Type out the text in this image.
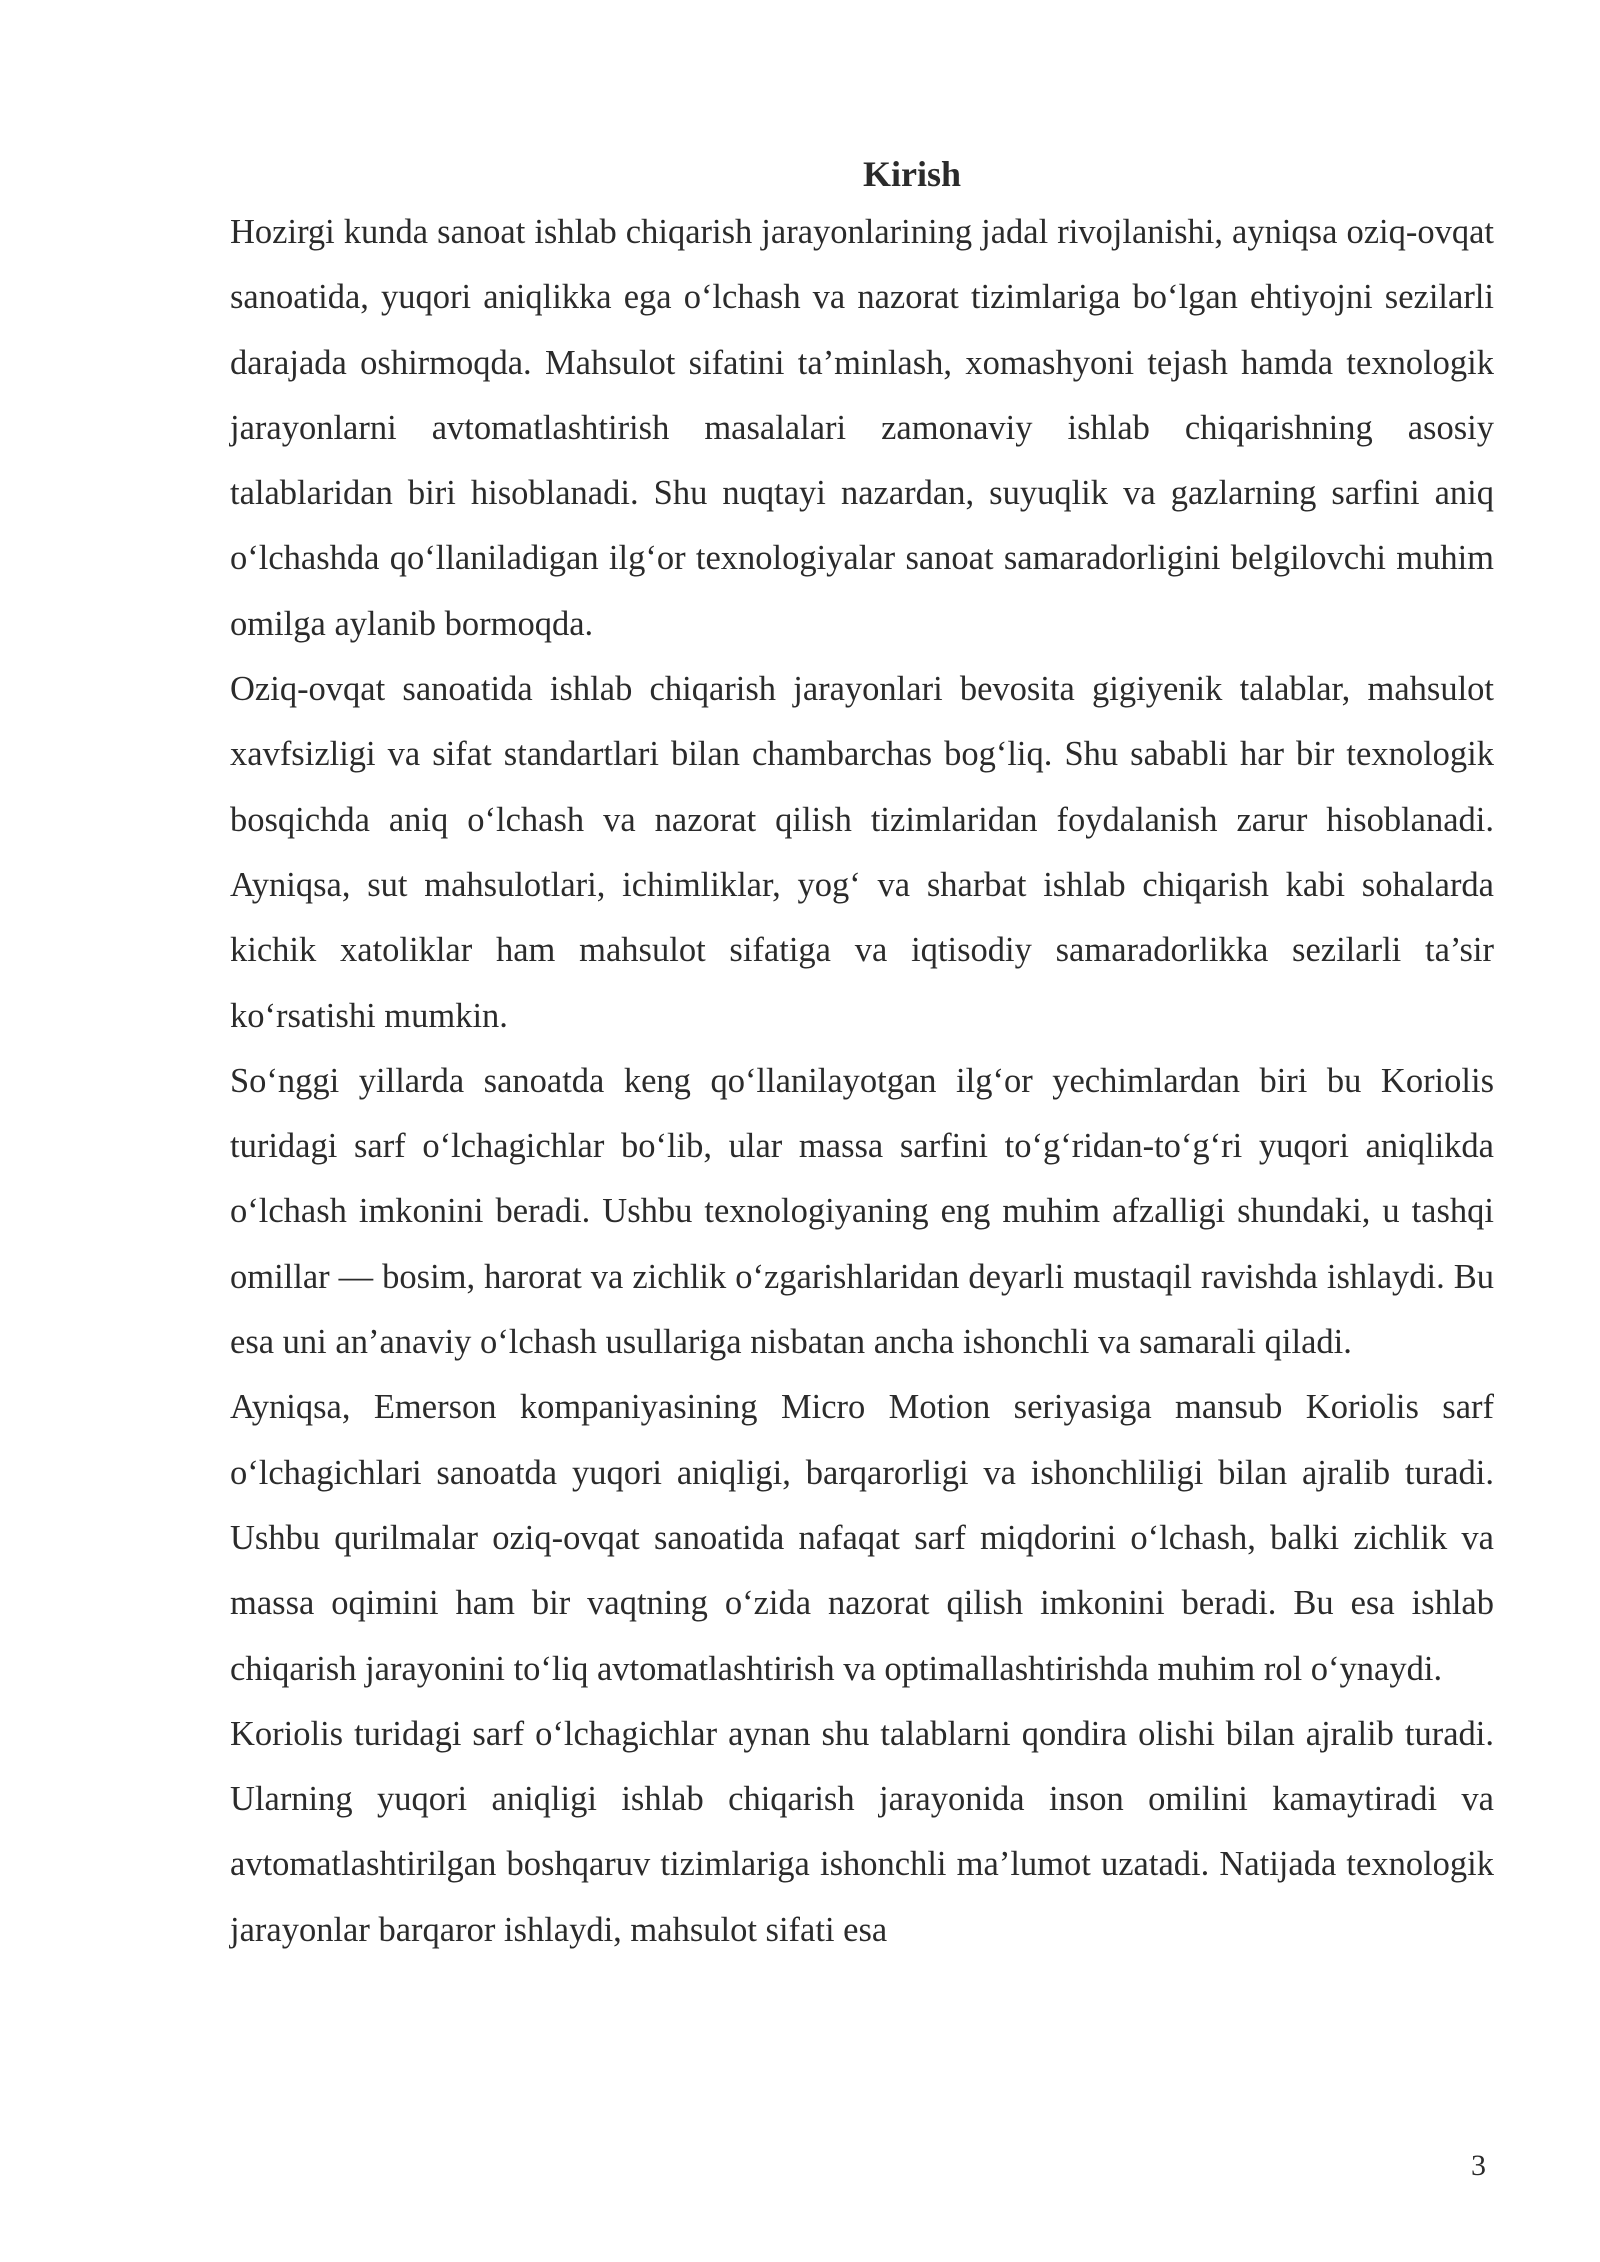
Kirish

Hozirgi kunda sanoat ishlab chiqarish jarayonlarining jadal rivojlanishi, ayniqsa oziq-ovqat sanoatida, yuqori aniqlikka ega o‘lchash va nazorat tizimlariga bo‘lgan ehtiyojni sezilarli darajada oshirmoqda. Mahsulot sifatini ta’minlash, xomashyoni tejash hamda texnologik jarayonlarni avtomatlashtirish masalalari zamonaviy ishlab chiqarishning asosiy talablaridan biri hisoblanadi. Shu nuqtayi nazardan, suyuqlik va gazlarning sarfini aniq o‘lchashda qo‘llaniladigan ilg‘or texnologiyalar sanoat samaradorligini belgilovchi muhim omilga aylanib bormoqda.

Oziq-ovqat sanoatida ishlab chiqarish jarayonlari bevosita gigiyenik talablar, mahsulot xavfsizligi va sifat standartlari bilan chambarchas bog‘liq. Shu sababli har bir texnologik bosqichda aniq o‘lchash va nazorat qilish tizimlaridan foydalanish zarur hisoblanadi. Ayniqsa, sut mahsulotlari, ichimliklar, yog‘ va sharbat ishlab chiqarish kabi sohalarda kichik xatoliklar ham mahsulot sifatiga va iqtisodiy samaradorlikka sezilarli ta’sir ko‘rsatishi mumkin.

So‘nggi yillarda sanoatda keng qo‘llanilayotgan ilg‘or yechimlardan biri bu Koriolis turidagi sarf o‘lchagichlar bo‘lib, ular massa sarfini to‘g‘ridan-to‘g‘ri yuqori aniqlikda o‘lchash imkonini beradi. Ushbu texnologiyaning eng muhim afzalligi shundaki, u tashqi omillar — bosim, harorat va zichlik o‘zgarishlaridan deyarli mustaqil ravishda ishlaydi. Bu esa uni an’anaviy o‘lchash usullariga nisbatan ancha ishonchli va samarali qiladi.

Ayniqsa, Emerson kompaniyasining Micro Motion seriyasiga mansub Koriolis sarf o‘lchagichlari sanoatda yuqori aniqligi, barqarorligi va ishonchliligi bilan ajralib turadi. Ushbu qurilmalar oziq-ovqat sanoatida nafaqat sarf miqdorini o‘lchash, balki zichlik va massa oqimini ham bir vaqtning o‘zida nazorat qilish imkonini beradi. Bu esa ishlab chiqarish jarayonini to‘liq avtomatlashtirish va optimallashtirishda muhim rol o‘ynaydi.

Koriolis turidagi sarf o‘lchagichlar aynan shu talablarni qondira olishi bilan ajralib turadi. Ularning yuqori aniqligi ishlab chiqarish jarayonida inson omilini kamaytiradi va avtomatlashtirilgan boshqaruv tizimlariga ishonchli ma’lumot uzatadi. Natijada texnologik jarayonlar barqaror ishlaydi, mahsulot sifati esa

3
